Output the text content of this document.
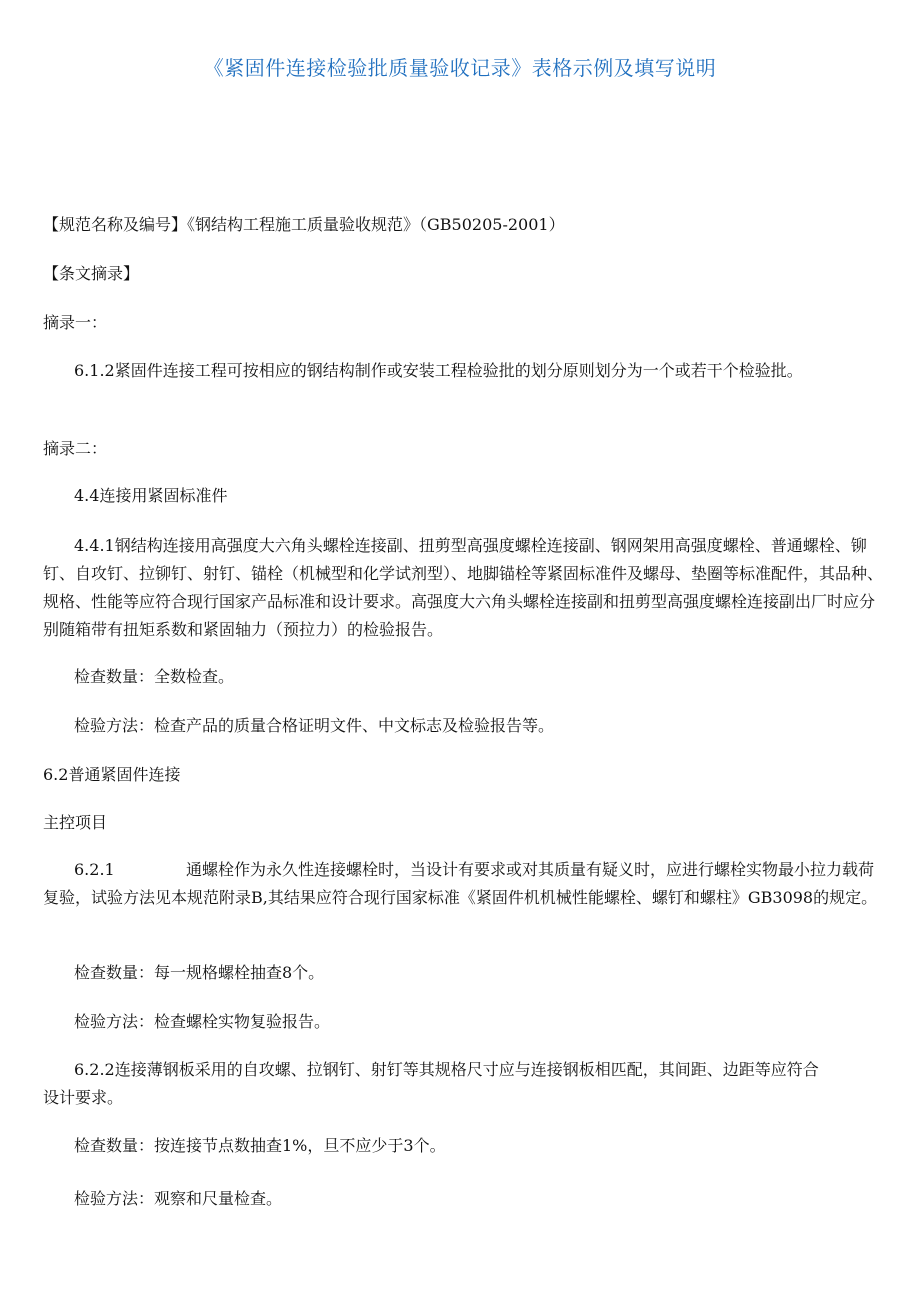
《紧固件连接检验批质量验收记录》表格示例及填写说明

【规范名称及编号】《钢结构工程施工质量验收规范》（GB50205-2001）

【条文摘录】

摘录一：

6.1.2紧固件连接工程可按相应的钢结构制作或安装工程检验批的划分原则划分为一个或若干个检验批。

摘录二：

4.4连接用紧固标准件

4.4.1钢结构连接用高强度大六角头螺栓连接副、扭剪型高强度螺栓连接副、钢网架用高强度螺栓、普通螺栓、铆钉、自攻钉、拉铆钉、射钉、锚栓（机械型和化学试剂型）、地脚锚栓等紧固标准件及螺母、垫圈等标准配件，其品种、规格、性能等应符合现行国家产品标准和设计要求。高强度大六角头螺栓连接副和扭剪型高强度螺栓连接副出厂时应分别随箱带有扭矩系数和紧固轴力（预拉力）的检验报告。

检查数量：全数检查。

检验方法：检查产品的质量合格证明文件、中文标志及检验报告等。

6.2普通紧固件连接

主控项目

6.2.1	通螺栓作为永久性连接螺栓时，当设计有要求或对其质量有疑义时，应进行螺栓实物最小拉力载荷复验，试验方法见本规范附录B,其结果应符合现行国家标准《紧固件机机械性能螺栓、螺钉和螺柱》GB3098的规定。

检查数量：每一规格螺栓抽查8个。

检验方法：检查螺栓实物复验报告。

6.2.2连接薄钢板采用的自攻螺、拉钢钉、射钉等其规格尺寸应与连接钢板相匹配，其间距、边距等应符合设计要求。

检查数量：按连接节点数抽查1%，旦不应少于3个。

检验方法：观察和尺量检查。
